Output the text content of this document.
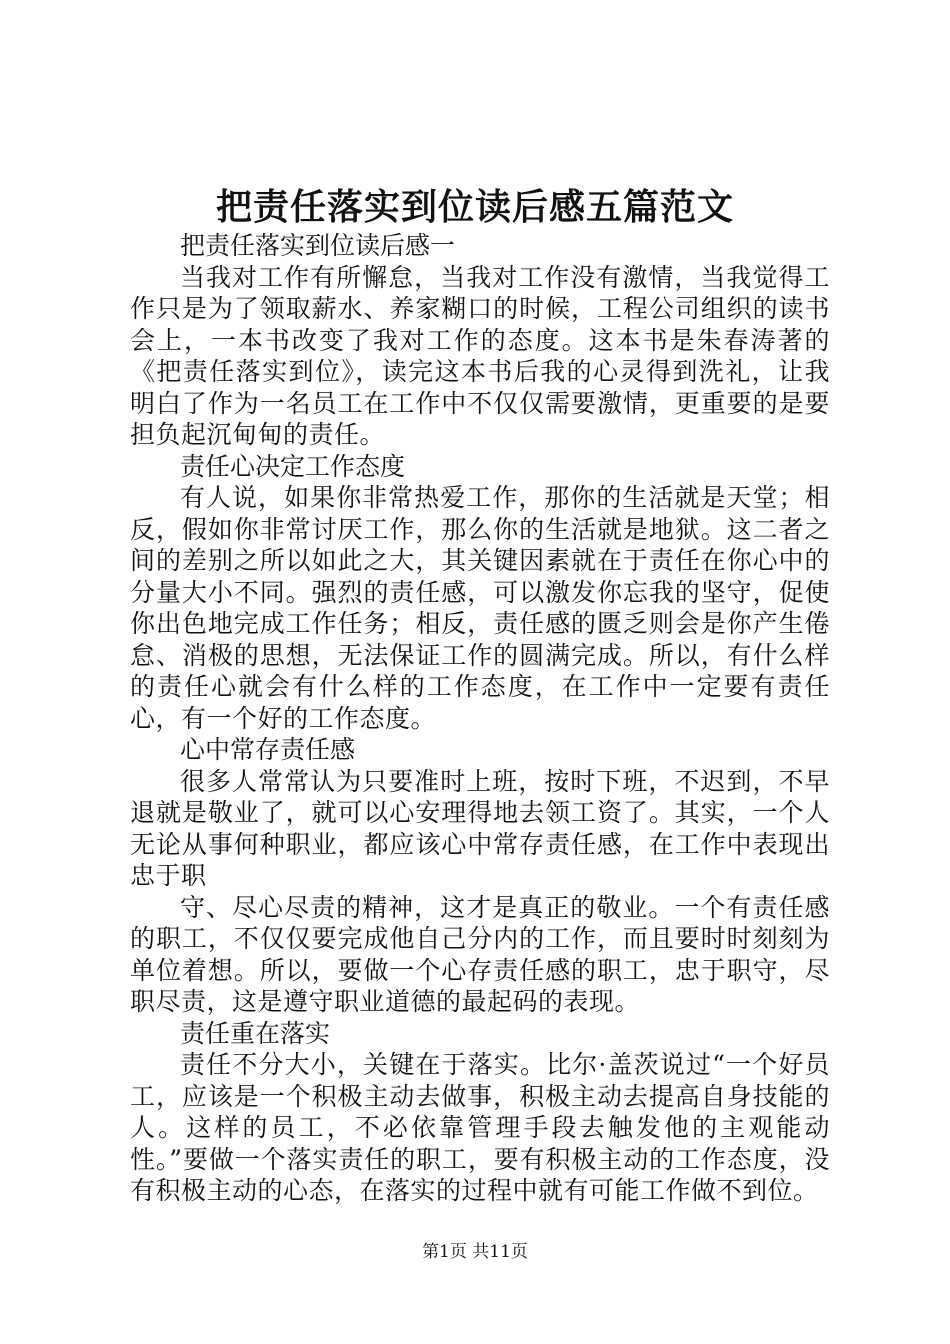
把责任落实到位读后感五篇范文

把责任落实到位读后感一

当我对工作有所懈怠，当我对工作没有激情，当我觉得工作只是为了领取薪水、养家糊口的时候，工程公司组织的读书会上，一本书改变了我对工作的态度。这本书是朱春涛著的《把责任落实到位》，读完这本书后我的心灵得到洗礼，让我明白了作为一名员工在工作中不仅仅需要激情，更重要的是要担负起沉甸甸的责任。

责任心决定工作态度

有人说，如果你非常热爱工作，那你的生活就是天堂；相反，假如你非常讨厌工作，那么你的生活就是地狱。这二者之间的差别之所以如此之大，其关键因素就在于责任在你心中的分量大小不同。强烈的责任感，可以激发你忘我的坚守，促使你出色地完成工作任务；相反，责任感的匮乏则会是你产生倦怠、消极的思想，无法保证工作的圆满完成。所以，有什么样的责任心就会有什么样的工作态度，在工作中一定要有责任心，有一个好的工作态度。

心中常存责任感

很多人常常认为只要准时上班，按时下班，不迟到，不早退就是敬业了，就可以心安理得地去领工资了。其实，一个人无论从事何种职业，都应该心中常存责任感，在工作中表现出忠于职

守、尽心尽责的精神，这才是真正的敬业。一个有责任感的职工，不仅仅要完成他自己分内的工作，而且要时时刻刻为单位着想。所以，要做一个心存责任感的职工，忠于职守，尽职尽责，这是遵守职业道德的最起码的表现。

责任重在落实

责任不分大小，关键在于落实。比尔·盖茨说过“一个好员工，应该是一个积极主动去做事，积极主动去提高自身技能的人。这样的员工，不必依靠管理手段去触发他的主观能动性。”要做一个落实责任的职工，要有积极主动的工作态度，没有积极主动的心态，在落实的过程中就有可能工作做不到位。

第1页 共11页
